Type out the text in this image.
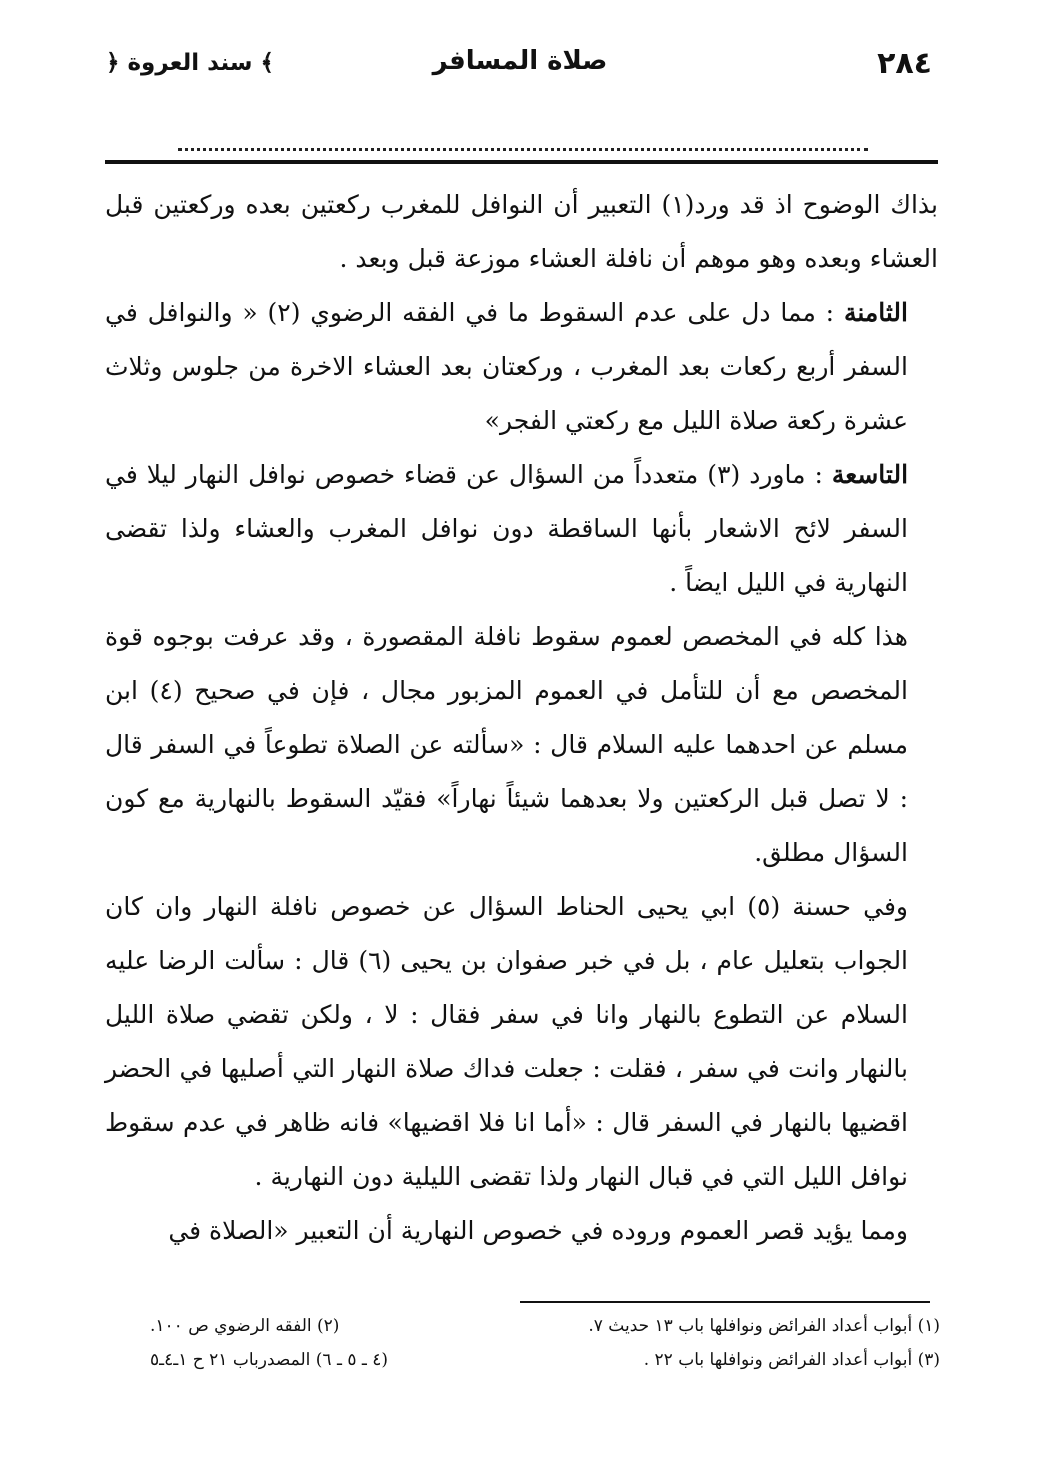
٢٨٤
صلاة المسافر
﴿ سند العروة ﴾

بذاك الوضوح اذ قد ورد(١) التعبير أن النوافل للمغرب ركعتين بعده وركعتين قبل العشاء وبعده وهو موهم أن نافلة العشاء موزعة قبل وبعد .

الثامنة : مما دل على عدم السقوط ما في الفقه الرضوي (٢) « والنوافل في السفر أربع ركعات بعد المغرب ، وركعتان بعد العشاء الاخرة من جلوس وثلاث عشرة ركعة صلاة الليل مع ركعتي الفجر»

التاسعة : ماورد (٣) متعدداً من السؤال عن قضاء خصوص نوافل النهار ليلا في السفر لائح الاشعار بأنها الساقطة دون نوافل المغرب والعشاء ولذا تقضى النهارية في الليل ايضاً .

هذا كله في المخصص لعموم سقوط نافلة المقصورة ، وقد عرفت بوجوه قوة المخصص مع أن للتأمل في العموم المزبور مجال ، فإن في صحيح (٤) ابن مسلم عن احدهما عليه السلام قال : «سألته عن الصلاة تطوعاً في السفر قال : لا تصل قبل الركعتين ولا بعدهما شيئاً نهاراً» فقيّد السقوط بالنهارية مع كون السؤال مطلق.

وفي حسنة (٥) ابي يحيى الحناط السؤال عن خصوص نافلة النهار وان كان الجواب بتعليل عام ، بل في خبر صفوان بن يحيى (٦) قال : سألت الرضا عليه السلام عن التطوع بالنهار وانا في سفر فقال : لا ، ولكن تقضي صلاة الليل بالنهار وانت في سفر ، فقلت : جعلت فداك صلاة النهار التي أصليها في الحضر اقضيها بالنهار في السفر قال : «أما انا فلا اقضيها» فانه ظاهر في عدم سقوط نوافل الليل التي في قبال النهار ولذا تقضى الليلية دون النهارية .

ومما يؤيد قصر العموم وروده في خصوص النهارية أن التعبير «الصلاة في

(١) أبواب أعداد الفرائض ونوافلها باب ١٣ حديث ٧.
(٢) الفقه الرضوي ص ١٠٠.
(٣) أبواب أعداد الفرائض ونوافلها باب ٢٢ .
(٤ ـ ٥ ـ ٦) المصدرباب ٢١ ح ١ـ٤ـ٥
